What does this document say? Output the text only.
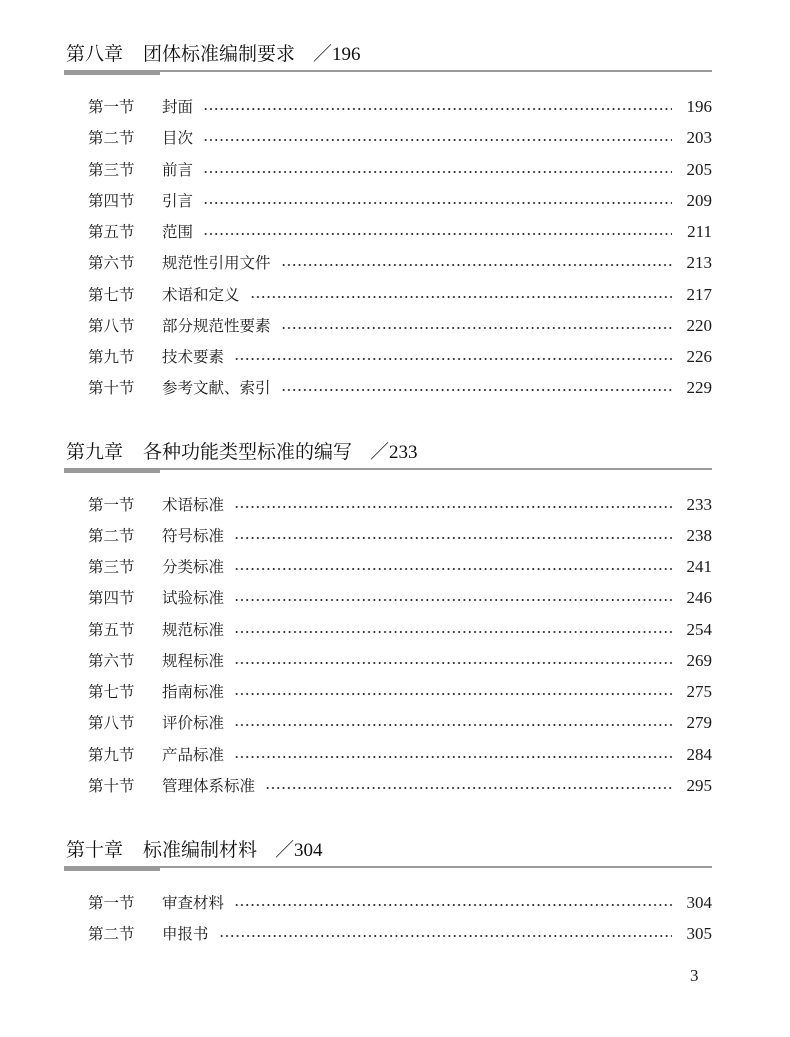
第八章 团体标准编制要求 ／196
第一节	封面	196
第二节	目次	203
第三节	前言	205
第四节	引言	209
第五节	范围	211
第六节	规范性引用文件	213
第七节	术语和定义	217
第八节	部分规范性要素	220
第九节	技术要素	226
第十节	参考文献、索引	229
第九章 各种功能类型标准的编写 ／233
第一节	术语标准	233
第二节	符号标准	238
第三节	分类标准	241
第四节	试验标准	246
第五节	规范标准	254
第六节	规程标准	269
第七节	指南标准	275
第八节	评价标准	279
第九节	产品标准	284
第十节	管理体系标准	295
第十章 标准编制材料 ／304
第一节	审查材料	304
第二节	申报书	305
3
